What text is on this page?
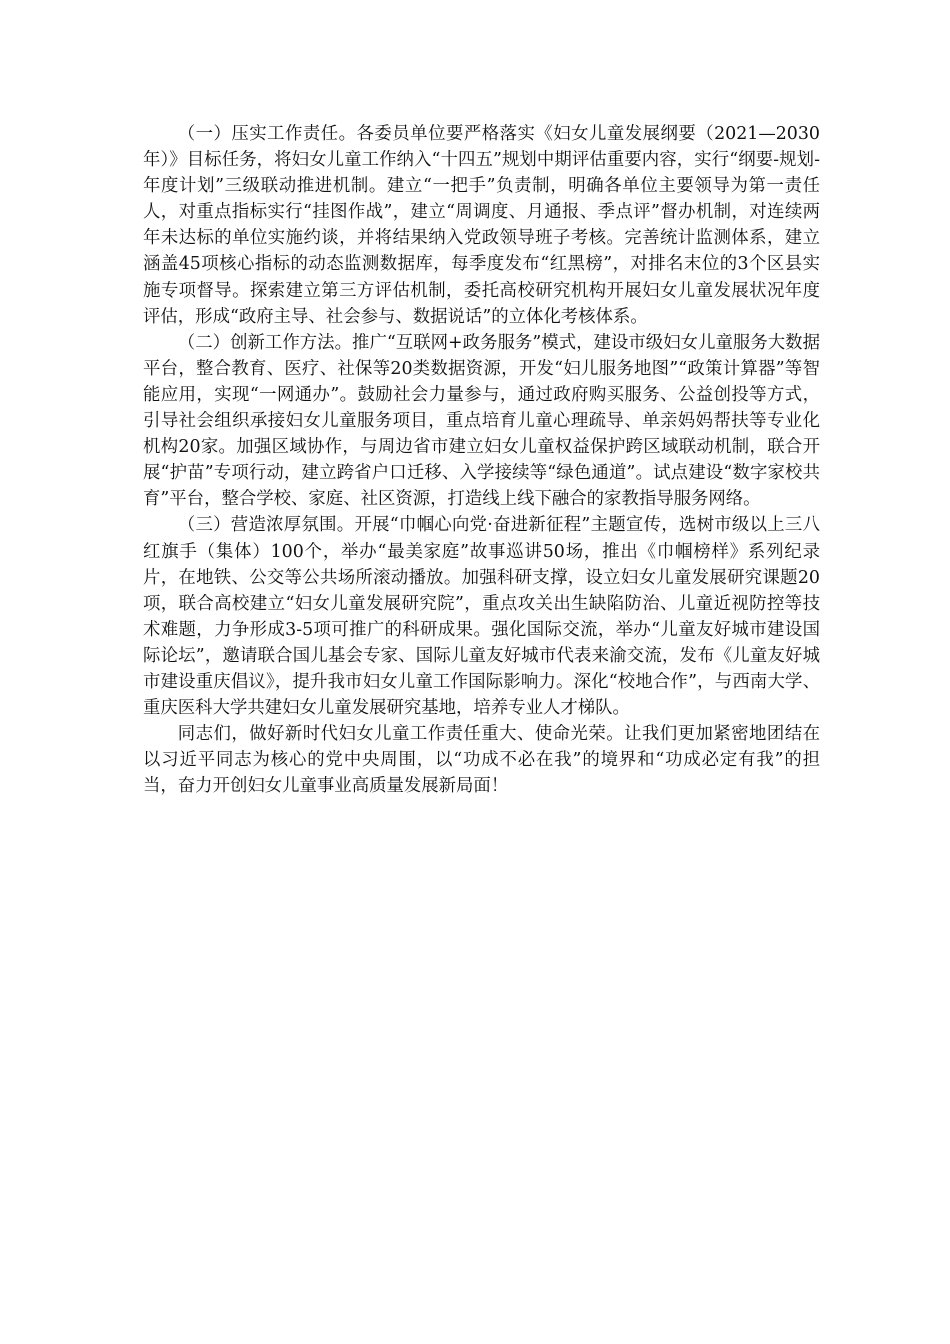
（一）压实工作责任。各委员单位要严格落实《妇女儿童发展纲要（2021—2030年）》目标任务，将妇女儿童工作纳入“十四五”规划中期评估重要内容，实行“纲要-规划-年度计划”三级联动推进机制。建立“一把手”负责制，明确各单位主要领导为第一责任人，对重点指标实行“挂图作战”，建立“周调度、月通报、季点评”督办机制，对连续两年未达标的单位实施约谈，并将结果纳入党政领导班子考核。完善统计监测体系，建立涵盖45项核心指标的动态监测数据库，每季度发布“红黑榜”，对排名末位的3个区县实施专项督导。探索建立第三方评估机制，委托高校研究机构开展妇女儿童发展状况年度评估，形成“政府主导、社会参与、数据说话”的立体化考核体系。

（二）创新工作方法。推广“互联网+政务服务”模式，建设市级妇女儿童服务大数据平台，整合教育、医疗、社保等20类数据资源，开发“妇儿服务地图”“政策计算器”等智能应用，实现“一网通办”。鼓励社会力量参与，通过政府购买服务、公益创投等方式，引导社会组织承接妇女儿童服务项目，重点培育儿童心理疏导、单亲妈妈帮扶等专业化机构20家。加强区域协作，与周边省市建立妇女儿童权益保护跨区域联动机制，联合开展“护苗”专项行动，建立跨省户口迁移、入学接续等“绿色通道”。试点建设“数字家校共育”平台，整合学校、家庭、社区资源，打造线上线下融合的家教指导服务网络。

（三）营造浓厚氛围。开展“巾帼心向党·奋进新征程”主题宣传，选树市级以上三八红旗手（集体）100个，举办“最美家庭”故事巡讲50场，推出《巾帼榜样》系列纪录片，在地铁、公交等公共场所滚动播放。加强科研支撑，设立妇女儿童发展研究课题20项，联合高校建立“妇女儿童发展研究院”，重点攻关出生缺陷防治、儿童近视防控等技术难题，力争形成3-5项可推广的科研成果。强化国际交流，举办“儿童友好城市建设国际论坛”，邀请联合国儿基会专家、国际儿童友好城市代表来渝交流，发布《儿童友好城市建设重庆倡议》，提升我市妇女儿童工作国际影响力。深化“校地合作”，与西南大学、重庆医科大学共建妇女儿童发展研究基地，培养专业人才梯队。

同志们，做好新时代妇女儿童工作责任重大、使命光荣。让我们更加紧密地团结在以习近平同志为核心的党中央周围，以“功成不必在我”的境界和“功成必定有我”的担当，奋力开创妇女儿童事业高质量发展新局面！
